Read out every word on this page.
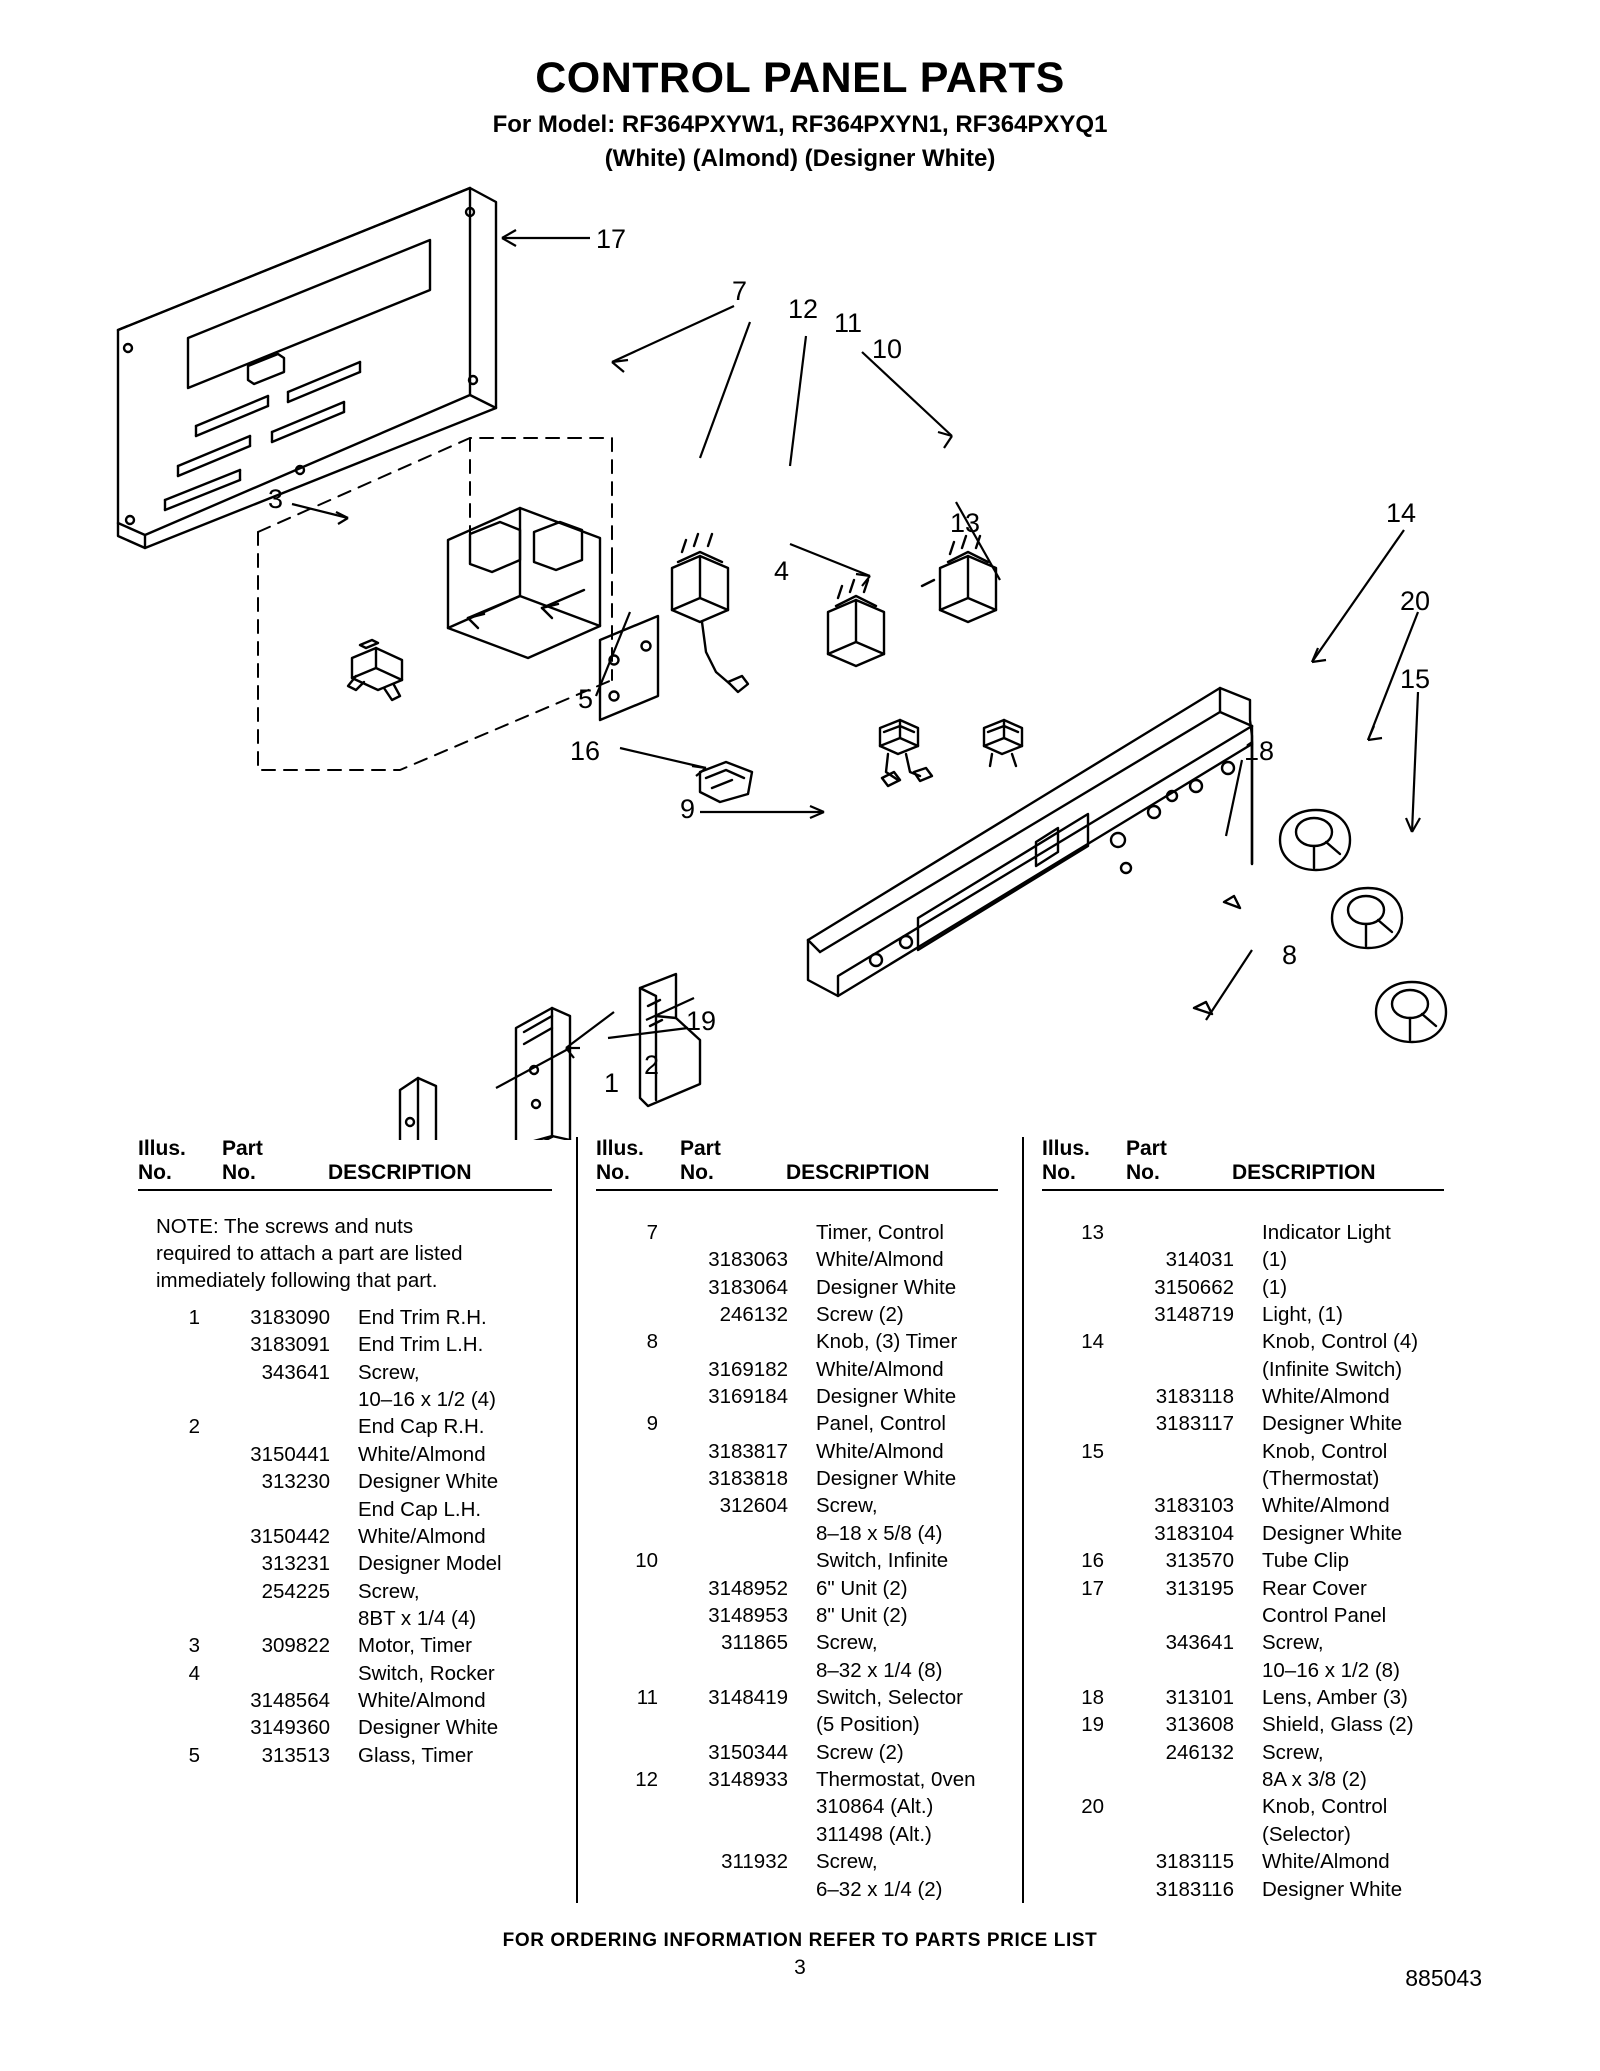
CONTROL PANEL PARTS
For Model: RF364PXYW1, RF364PXYN1, RF364PXYQ1
(White) (Almond) (Designer White)
17
7
12 11
10
3
13
4
14
20
15
5
16
9
18
8
19
2
1
Illus.	Part
No.	No.	DESCRIPTION
NOTE: The screws and nuts required to attach a part are listed immediately following that part.
1	3183090	End Trim R.H.
3183091	End Trim L.H.
343641	Screw,
10–16 x 1/2 (4)
2	End Cap R.H.
3150441	White/Almond
313230	Designer White
End Cap L.H.
3150442	White/Almond
313231	Designer Model
254225	Screw,
8BT x 1/4 (4)
3	309822	Motor, Timer
4	Switch, Rocker
3148564	White/Almond
3149360	Designer White
5	313513	Glass, Timer
Illus.	Part
No.	No.	DESCRIPTION
7	Timer, Control
3183063	White/Almond
3183064	Designer White
246132	Screw (2)
8	Knob, (3) Timer
3169182	White/Almond
3169184	Designer White
9	Panel, Control
3183817	White/Almond
3183818	Designer White
312604	Screw,
8–18 x 5/8 (4)
10	Switch, Infinite
3148952	6" Unit (2)
3148953	8" Unit (2)
311865	Screw,
8–32 x 1/4 (8)
11	3148419	Switch, Selector
(5 Position)
3150344	Screw (2)
12	3148933	Thermostat, 0ven
310864 (Alt.)
311498 (Alt.)
311932	Screw,
6–32 x 1/4 (2)
Illus.	Part
No.	No.	DESCRIPTION
13	Indicator Light
314031	(1)
3150662	(1)
3148719	Light, (1)
14	Knob, Control (4)
(Infinite Switch)
3183118	White/Almond
3183117	Designer White
15	Knob, Control
(Thermostat)
3183103	White/Almond
3183104	Designer White
16	313570	Tube Clip
17	313195	Rear Cover
Control Panel
343641	Screw,
10–16 x 1/2 (8)
18	313101	Lens, Amber (3)
19	313608	Shield, Glass (2)
246132	Screw,
8A x 3/8 (2)
20	Knob, Control
(Selector)
3183115	White/Almond
3183116	Designer White
FOR ORDERING INFORMATION REFER TO PARTS PRICE LIST
3	885043
